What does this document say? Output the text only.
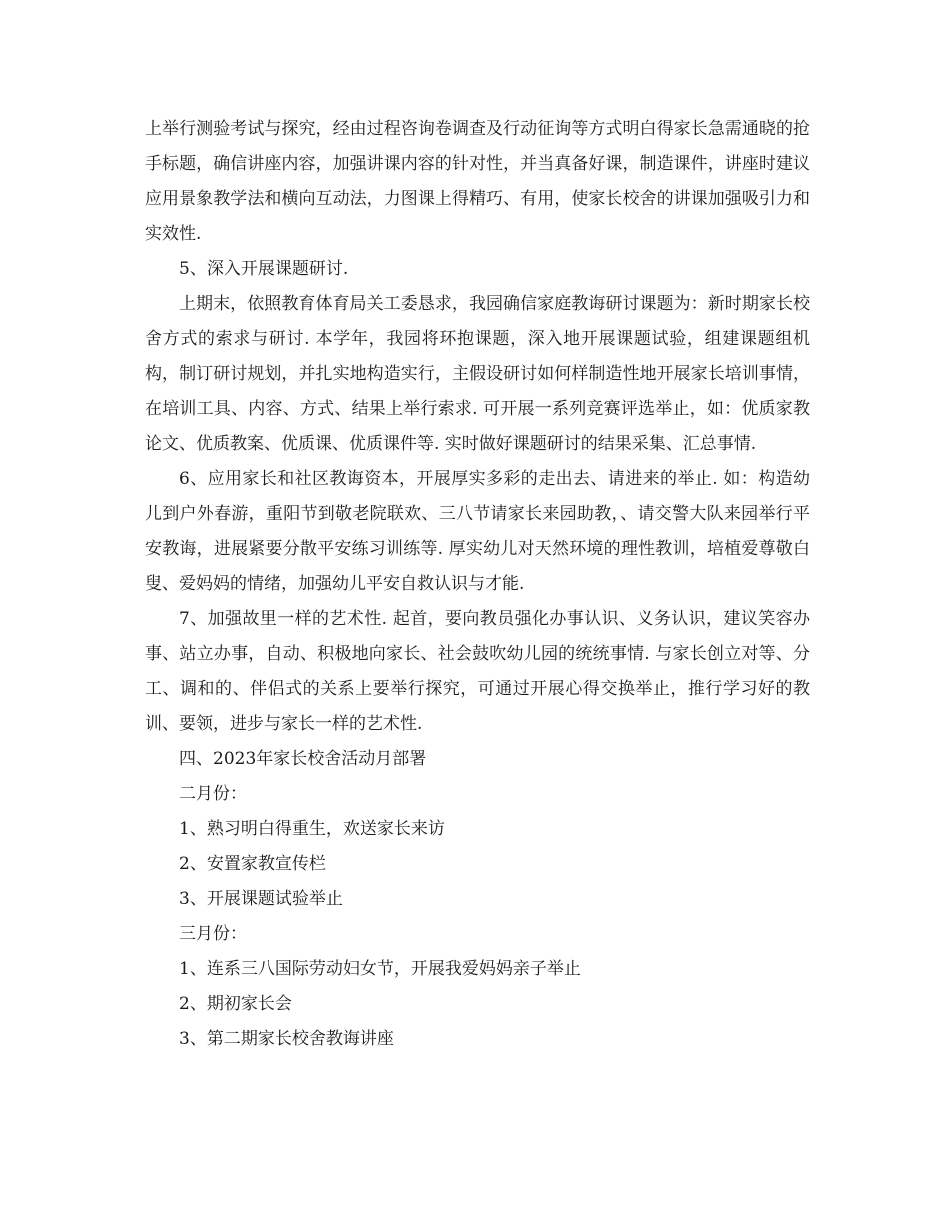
上举行测验考试与探究，经由过程咨询卷调查及行动征询等方式明白得家长急需通晓的抢手标题，确信讲座内容，加强讲课内容的针对性，并当真备好课，制造课件，讲座时建议应用景象教学法和横向互动法，力图课上得精巧、有用，使家长校舍的讲课加强吸引力和实效性.

5、深入开展课题研讨.

上期末，依照教育体育局关工委恳求，我园确信家庭教诲研讨课题为：新时期家长校舍方式的索求与研讨. 本学年，我园将环抱课题，深入地开展课题试验，组建课题组机构，制订研讨规划，并扎实地构造实行，主假设研讨如何样制造性地开展家长培训事情，在培训工具、内容、方式、结果上举行索求. 可开展一系列竞赛评选举止，如：优质家教论文、优质教案、优质课、优质课件等. 实时做好课题研讨的结果采集、汇总事情.

6、应用家长和社区教诲资本，开展厚实多彩的走出去、请进来的举止. 如：构造幼儿到户外春游，重阳节到敬老院联欢、三八节请家长来园助教，、请交警大队来园举行平安教诲，进展紧要分散平安练习训练等. 厚实幼儿对天然环境的理性教训，培植爱尊敬白叟、爱妈妈的情绪，加强幼儿平安自救认识与才能.

7、加强故里一样的艺术性. 起首，要向教员强化办事认识、义务认识，建议笑容办事、站立办事，自动、积极地向家长、社会鼓吹幼儿园的统统事情. 与家长创立对等、分工、调和的、伴侣式的关系上要举行探究，可通过开展心得交换举止，推行学习好的教训、要领，进步与家长一样的艺术性.

四、2023年家长校舍活动月部署

二月份：

1、熟习明白得重生，欢送家长来访

2、安置家教宣传栏

3、开展课题试验举止

三月份：

1、连系三八国际劳动妇女节，开展我爱妈妈亲子举止

2、期初家长会

3、第二期家长校舍教诲讲座
